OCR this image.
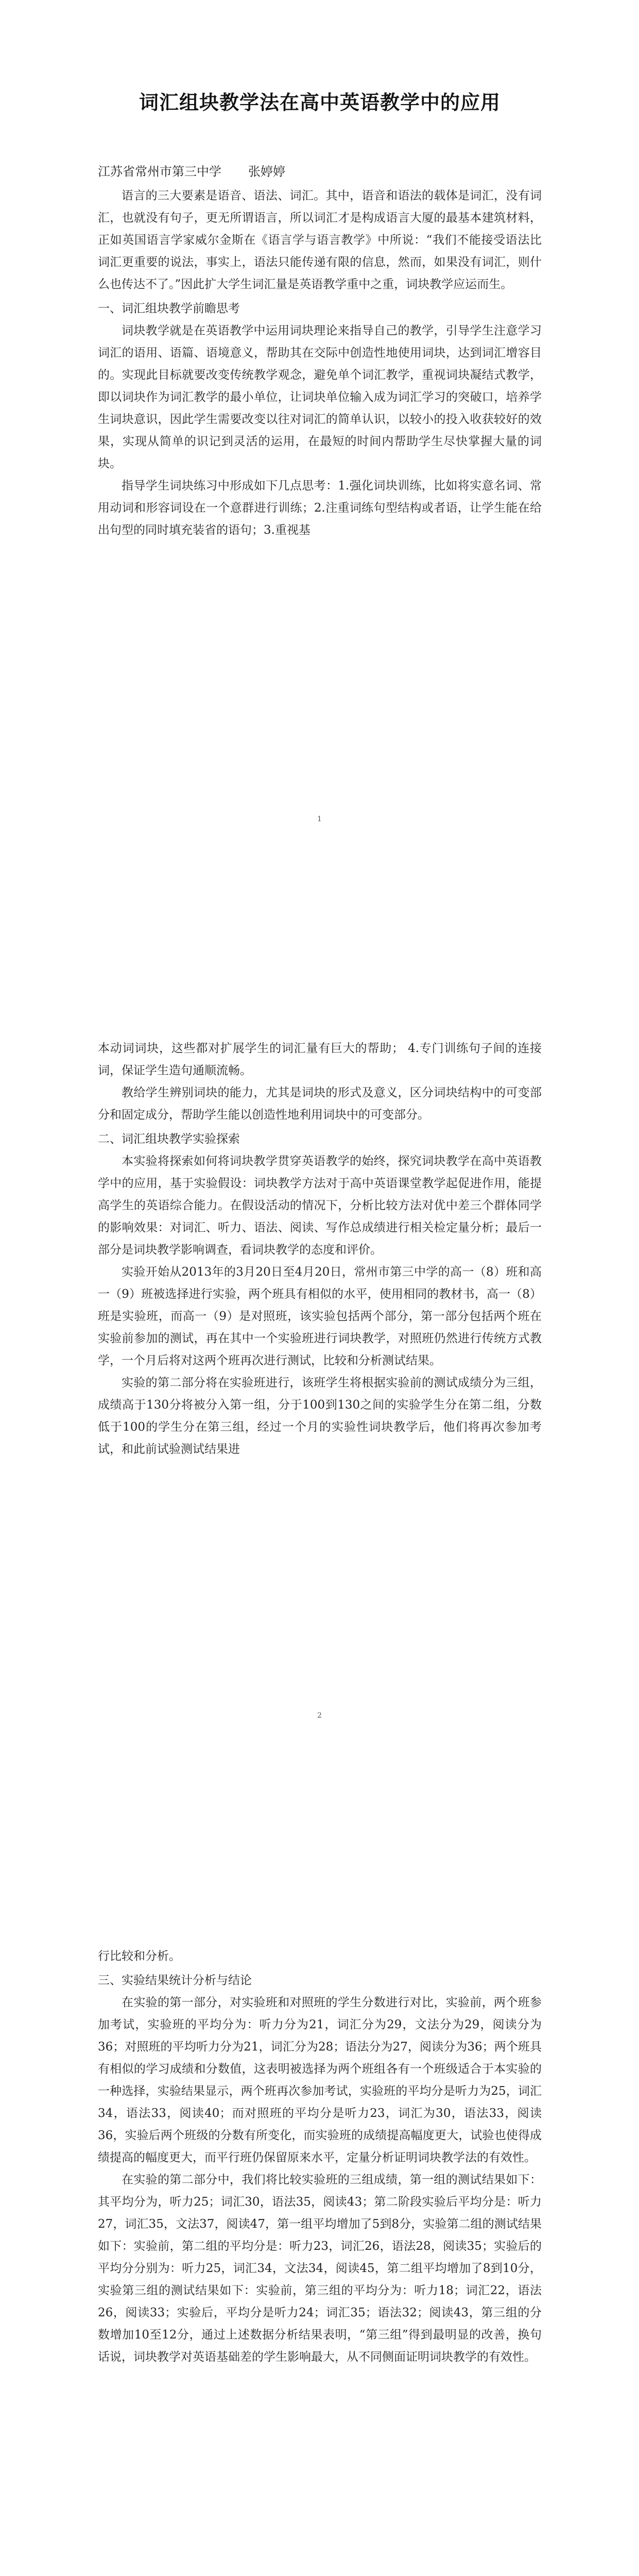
词汇组块教学法在高中英语教学中的应用
江苏省常州市第三中学 张婷婷

语言的三大要素是语音、语法、词汇。其中，语音和语法的载体是词汇，没有词汇，也就没有句子，更无所谓语言，所以词汇才是构成语言大厦的最基本建筑材料，正如英国语言学家威尔金斯在《语言学与语言教学》中所说：“我们不能接受语法比词汇更重要的说法，事实上，语法只能传递有限的信息，然而，如果没有词汇，则什么也传达不了。”因此扩大学生词汇量是英语教学重中之重，词块教学应运而生。

一、词汇组块教学前瞻思考

词块教学就是在英语教学中运用词块理论来指导自己的教学，引导学生注意学习词汇的语用、语篇、语境意义，帮助其在交际中创造性地使用词块，达到词汇增容目的。实现此目标就要改变传统教学观念，避免单个词汇教学，重视词块凝结式教学，即以词块作为词汇教学的最小单位，让词块单位输入成为词汇学习的突破口，培养学生词块意识，因此学生需要改变以往对词汇的简单认识，以较小的投入收获较好的效果，实现从简单的识记到灵活的运用，在最短的时间内帮助学生尽快掌握大量的词块。

指导学生词块练习中形成如下几点思考：1.强化词块训练，比如将实意名词、常用动词和形容词设在一个意群进行训练；2.注重词练句型结构或者语，让学生能在给出句型的同时填充装省的语句；3.重视基

1

本动词词块，这些都对扩展学生的词汇量有巨大的帮助； 4.专门训练句子间的连接词，保证学生造句通顺流畅。

教给学生辨别词块的能力，尤其是词块的形式及意义，区分词块结构中的可变部分和固定成分，帮助学生能以创造性地利用词块中的可变部分。

二、词汇组块教学实验探索

本实验将探索如何将词块教学贯穿英语教学的始终，探究词块教学在高中英语教学中的应用，基于实验假设：词块教学方法对于高中英语课堂教学起促进作用，能提高学生的英语综合能力。在假设活动的情况下，分析比较方法对优中差三个群体同学的影响效果：对词汇、听力、语法、阅读、写作总成绩进行相关检定量分析；最后一部分是词块教学影响调查，看词块教学的态度和评价。

实验开始从2013年的3月20日至4月20日，常州市第三中学的高一（8）班和高一（9）班被选择进行实验，两个班具有相似的水平，使用相同的教材书，高一（8）班是实验班，而高一（9）是对照班，该实验包括两个部分，第一部分包括两个班在实验前参加的测试，再在其中一个实验班进行词块教学，对照班仍然进行传统方式教学，一个月后将对这两个班再次进行测试，比较和分析测试结果。

实验的第二部分将在实验班进行，该班学生将根据实验前的测试成绩分为三组，成绩高于130分将被分入第一组，分于100到130之间的实验学生分在第二组，分数低于100的学生分在第三组，经过一个月的实验性词块教学后，他们将再次参加考试，和此前试验测试结果进

2

行比较和分析。

三、实验结果统计分析与结论

在实验的第一部分，对实验班和对照班的学生分数进行对比，实验前，两个班参加考试，实验班的平均分为：听力分为21，词汇分为29，文法分为29，阅读分为36；对照班的平均听力分为21，词汇分为28；语法分为27，阅读分为36；两个班具有相似的学习成绩和分数值，这表明被选择为两个班组各有一个班级适合于本实验的一种选择，实验结果显示，两个班再次参加考试，实验班的平均分是听力为25，词汇34，语法33，阅读40；而对照班的平均分是听力23，词汇为30，语法33，阅读36，实验后两个班级的分数有所变化，而实验班的成绩提高幅度更大，试验也使得成绩提高的幅度更大，而平行班仍保留原来水平，定量分析证明词块教学法的有效性。

在实验的第二部分中，我们将比较实验班的三组成绩，第一组的测试结果如下：其平均分为，听力25；词汇30，语法35，阅读43；第二阶段实验后平均分是：听力27，词汇35，文法37，阅读47，第一组平均增加了5到8分，实验第二组的测试结果如下：实验前，第二组的平均分是：听力23，词汇26，语法28，阅读35；实验后的平均分分别为：听力25，词汇34，文法34，阅读45，第二组平均增加了8到10分，实验第三组的测试结果如下：实验前，第三组的平均分为：听力18；词汇22，语法26，阅读33；实验后，平均分是听力24；词汇35；语法32；阅读43，第三组的分数增加10至12分，通过上述数据分析结果表明，“第三组”得到最明显的改善，换句话说，词块教学对英语基础差的学生影响最大，从不同侧面证明词块教学的有效性。
